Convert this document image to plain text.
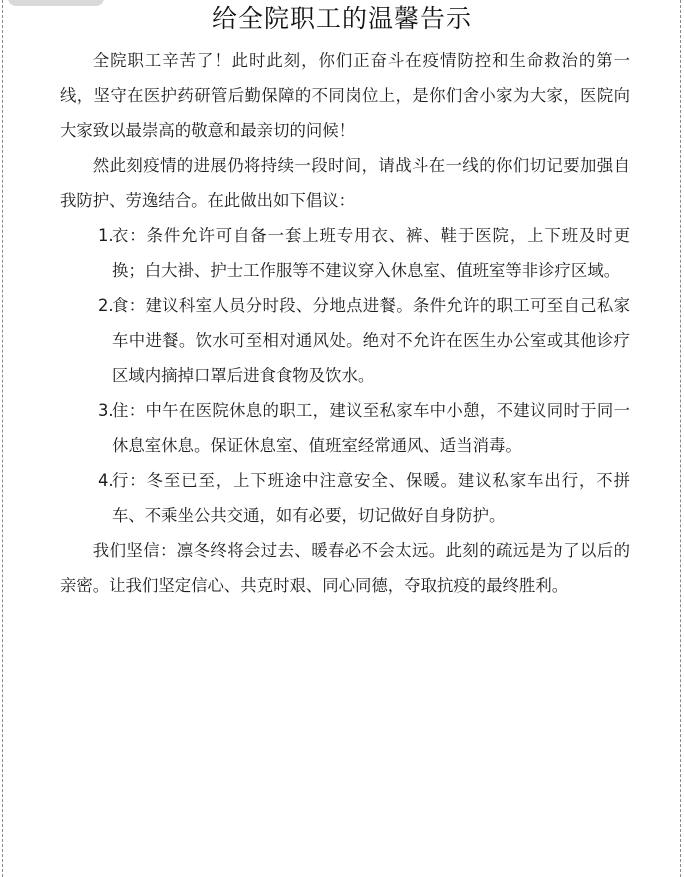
给全院职工的温馨告示

全院职工辛苦了！此时此刻，你们正奋斗在疫情防控和生命救治的第一线，坚守在医护药研管后勤保障的不同岗位上，是你们舍小家为大家，医院向大家致以最崇高的敬意和最亲切的问候！

然此刻疫情的进展仍将持续一段时间，请战斗在一线的你们切记要加强自我防护、劳逸结合。在此做出如下倡议：

1.
衣：条件允许可自备一套上班专用衣、裤、鞋于医院，上下班及时更换；白大褂、护士工作服等不建议穿入休息室、值班室等非诊疗区域。
2.
食：建议科室人员分时段、分地点进餐。条件允许的职工可至自己私家车中进餐。饮水可至相对通风处。绝对不允许在医生办公室或其他诊疗区域内摘掉口罩后进食食物及饮水。
3.
住：中午在医院休息的职工，建议至私家车中小憩，不建议同时于同一休息室休息。保证休息室、值班室经常通风、适当消毒。
4.
行：冬至已至，上下班途中注意安全、保暖。建议私家车出行，不拼车、不乘坐公共交通，如有必要，切记做好自身防护。

我们坚信：凛冬终将会过去、暖春必不会太远。此刻的疏远是为了以后的亲密。让我们坚定信心、共克时艰、同心同德，夺取抗疫的最终胜利。
